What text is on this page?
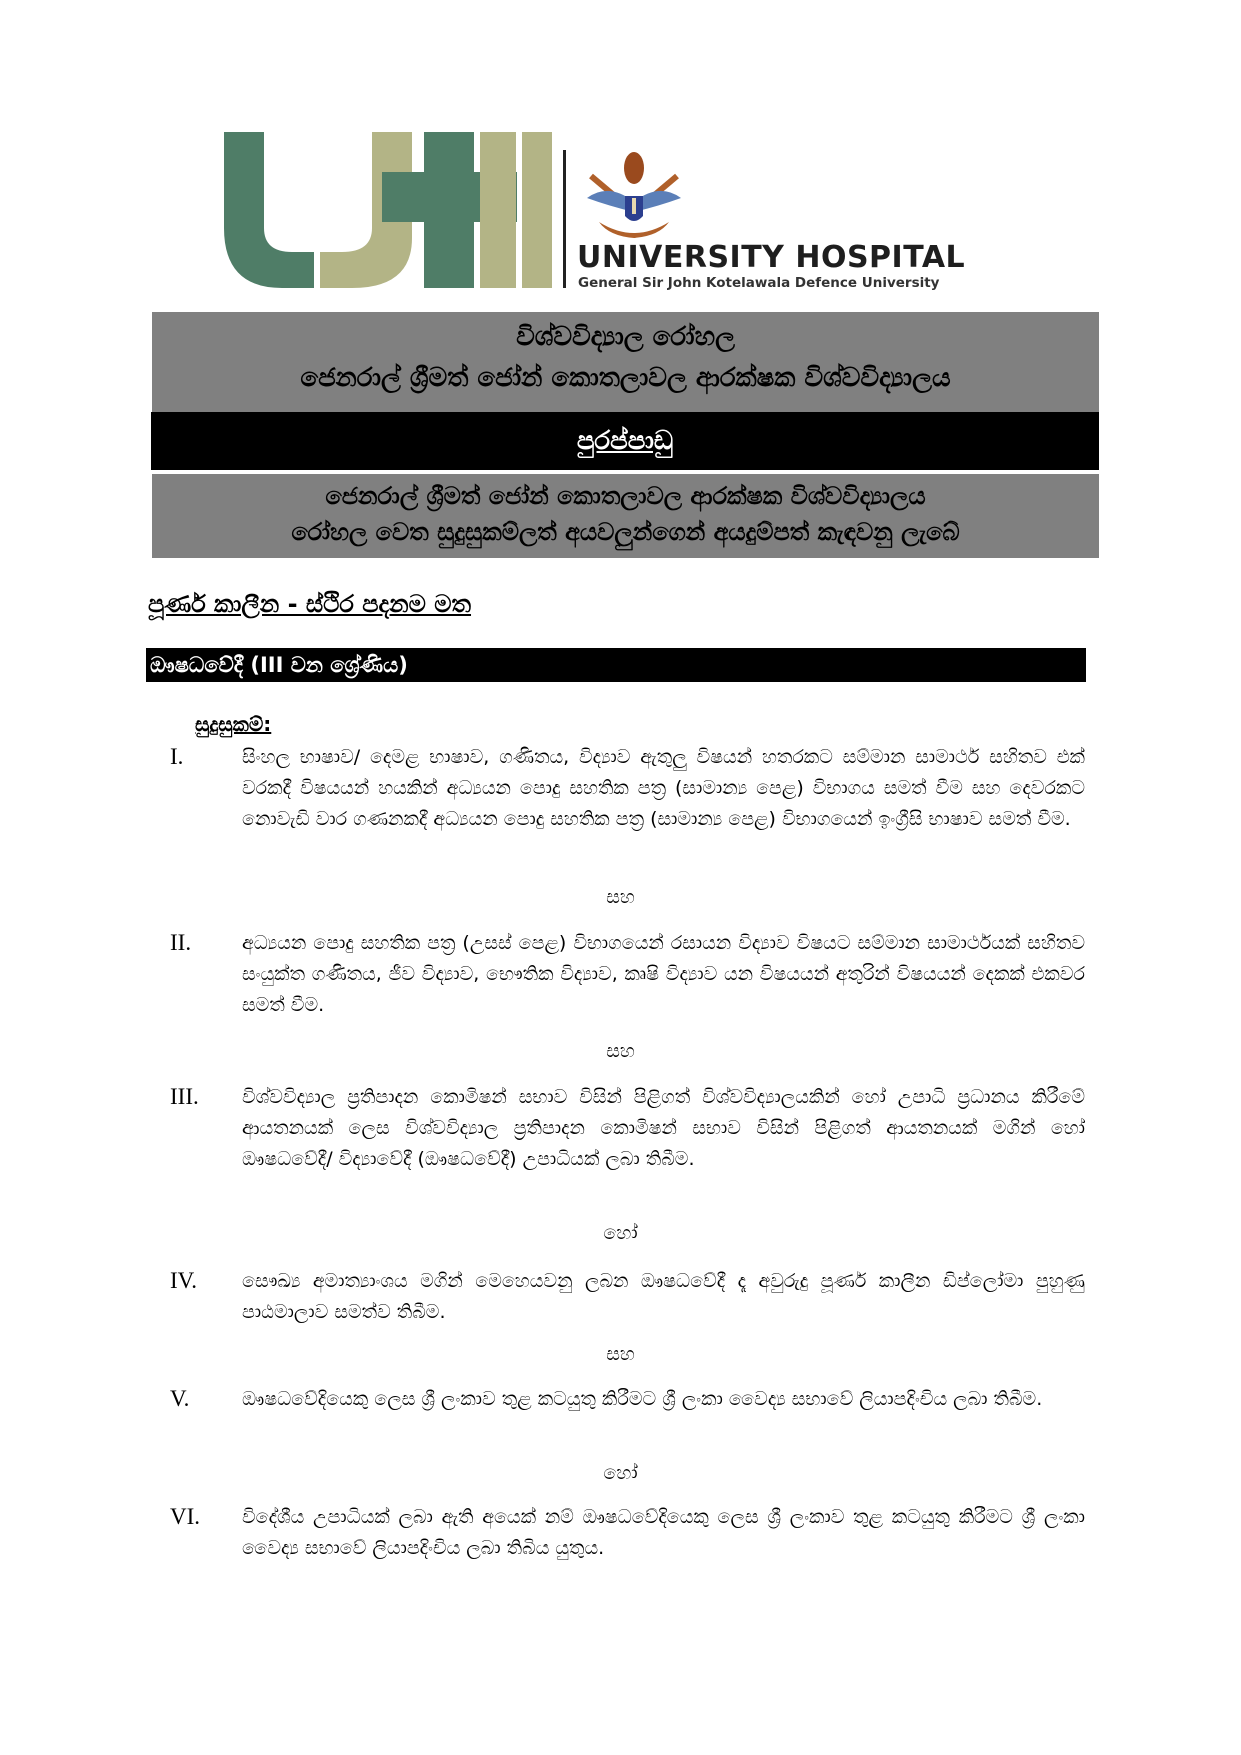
UNIVERSITY HOSPITAL
General Sir John Kotelawala Defence University
විශ්වවිද්‍යාල රෝහල
ජෙනරාල් ශ්‍රීමත් ජෝන් කොතලාවල ආරක්ෂක විශ්වවිද්‍යාලය
පුරප්පාඩු
ජෙනරාල් ශ්‍රීමත් ජෝන් කොතලාවල ආරක්ෂක විශ්වවිද්‍යාලය
රෝහල වෙත සුදුසුකම්ලත් අයවලුන්ගෙන් අයදුම්පත් කැඳවනු ලැබේ
පූර්ණ කාලීන - ස්ථිර පදනම මත
ඖෂධවේදී (III වන ශ්‍රේණිය)
සුදුසුකම්:
I.	සිංහල භාෂාව/ දෙමළ භාෂාව, ගණිතය, විද්‍යාව ඇතුලු විෂයන් හතරකට සම්මාන සාමාර්ථ සහිතව එක් වරකදී විෂයයන් හයකින් අධ්‍යයන පොදු සහතික පත්‍ර (සාමාන්‍ය පෙළ) විභාගය සමත් වීම සහ දෙවරකට නොවැඩි වාර ගණනකදී අධ්‍යයන පොදු සහතික පත්‍ර (සාමාන්‍ය පෙළ) විභාගයෙන් ඉංග්‍රීසි භාෂාව සමත් වීම.
සහ
II.	අධ්‍යයන පොදු සහතික පත්‍ර (උසස් පෙළ) විභාගයෙන් රසායන විද්‍යාව විෂයට සම්මාන සාමාර්ථයක් සහිතව සංයුක්ත ගණිතය, ජීව විද්‍යාව, භෞතික විද්‍යාව, කෘෂි විද්‍යාව යන විෂයයන් අතුරින් විෂයයන් දෙකක් එකවර සමත් වීම.
සහ
III.	විශ්වවිද්‍යාල ප්‍රතිපාදන කොමිෂන් සභාව විසින් පිළිගත් විශ්වවිද්‍යාලයකින් හෝ උපාධි ප්‍රධානය කිරීමේ ආයතනයක් ලෙස විශ්වවිද්‍යාල ප්‍රතිපාදන කොමිෂන් සභාව විසින් පිළිගත් ආයතනයක් මගින් හෝ ඖෂධවේදී/ විද්‍යාවේදී (ඖෂධවේදී) උපාධියක් ලබා තිබීම.
හෝ
IV.	සෞඛ්‍ය අමාත්‍යාංශය මගින් මෙහෙයවනු ලබන ඖෂධවේදී දෑ අවුරුදු පූර්ණ කාලීන ඩිප්ලෝමා පුහුණු පාඨමාලාව සමත්ව තිබීම.
සහ
V.	ඖෂධවේදියෙකු ලෙස ශ්‍රී ලංකාව තුළ කටයුතු කිරීමට ශ්‍රී ලංකා වෛද්‍ය සභාවේ ලියාපදිංචිය ලබා තිබීම.
හෝ
VI.	විදේශීය උපාධියක් ලබා ඇති අයෙක් නම් ඖෂධවේදියෙකු ලෙස ශ්‍රී ලංකාව තුළ කටයුතු කිරීමට ශ්‍රී ලංකා වෛද්‍ය සභාවේ ලියාපදිංචිය ලබා තිබිය යුතුය.
